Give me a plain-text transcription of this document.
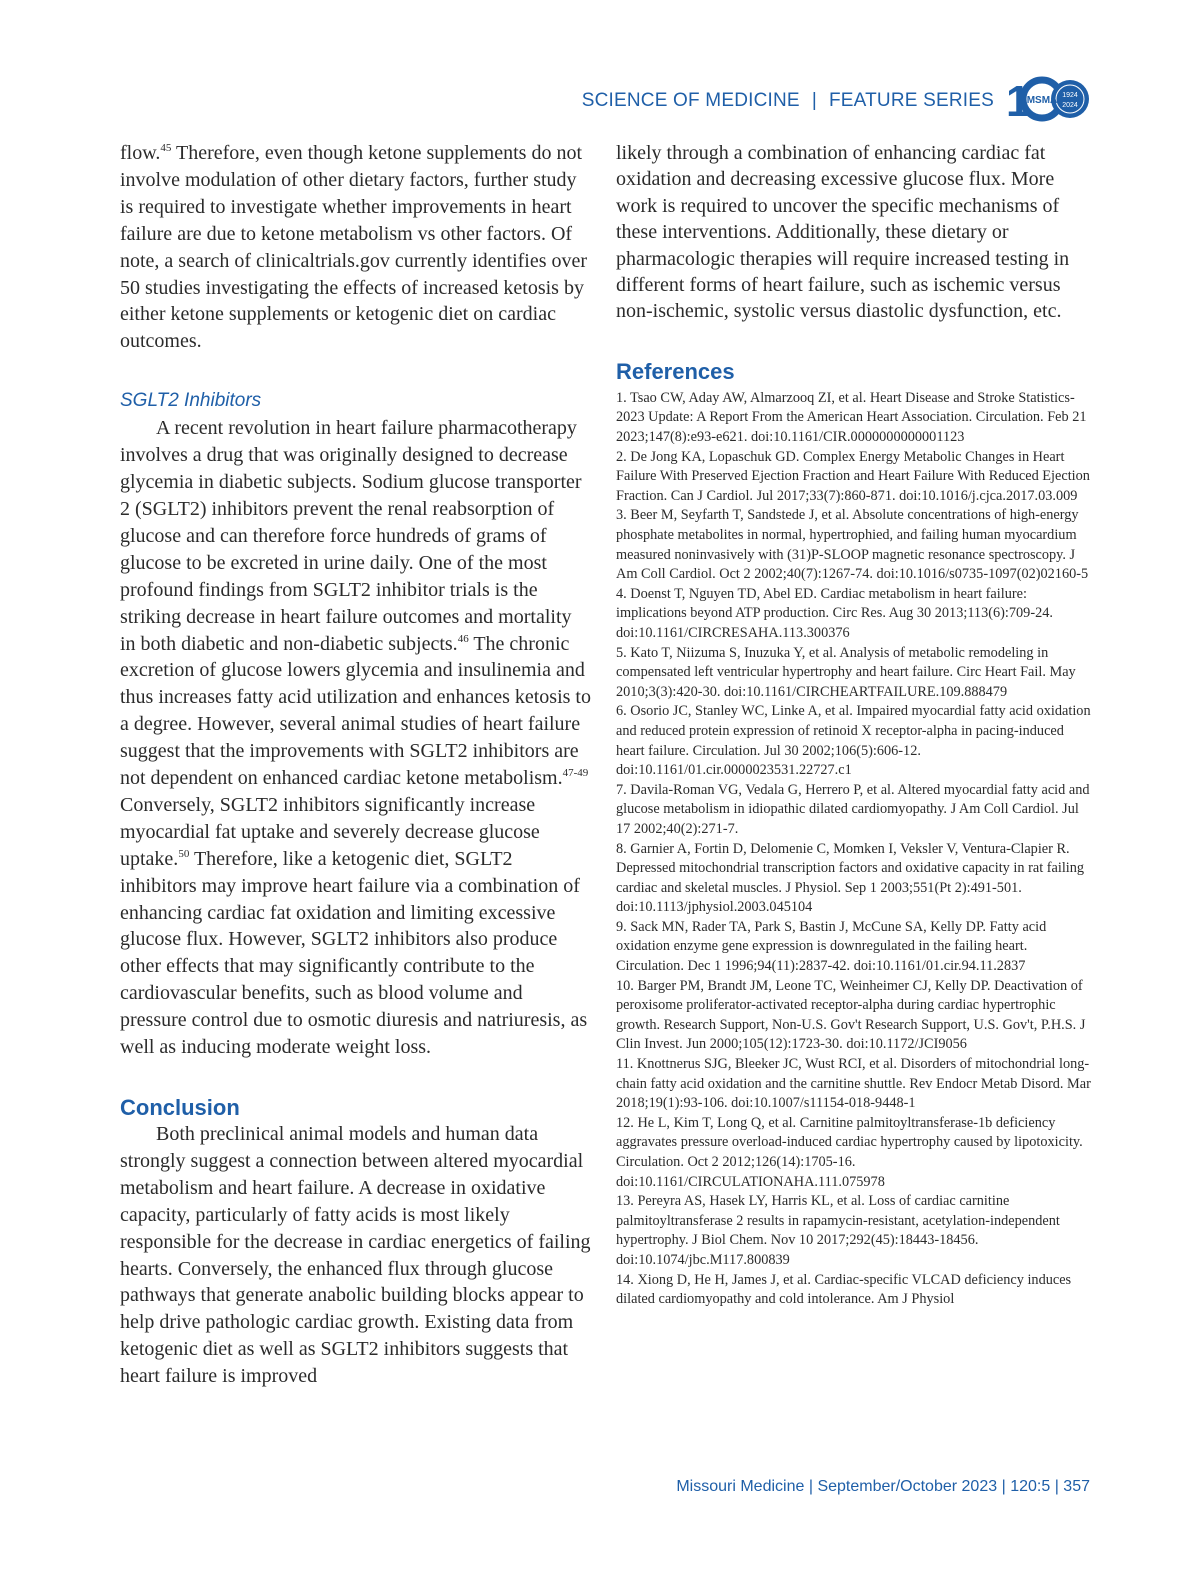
SCIENCE OF MEDICINE | FEATURE SERIES 1
MSMA 1924
2024

flow.$^{45}$ Therefore, even though ketone supplements do not involve modulation of other dietary factors, further study is required to investigate whether improvements in heart failure are due to ketone metabolism vs other factors. Of note, a search of clinicaltrials.gov currently identifies over 50 studies investigating the effects of increased ketosis by either ketone supplements or ketogenic diet on cardiac outcomes.

SGLT2 Inhibitors

A recent revolution in heart failure pharmacotherapy involves a drug that was originally designed to decrease glycemia in diabetic subjects. Sodium glucose transporter 2 (SGLT2) inhibitors prevent the renal reabsorption of glucose and can therefore force hundreds of grams of glucose to be excreted in urine daily. One of the most profound findings from SGLT2 inhibitor trials is the striking decrease in heart failure outcomes and mortality in both diabetic and non-diabetic subjects.$^{46}$ The chronic excretion of glucose lowers glycemia and insulinemia and thus increases fatty acid utilization and enhances ketosis to a degree. However, several animal studies of heart failure suggest that the improvements with SGLT2 inhibitors are not dependent on enhanced cardiac ketone metabolism.$^{47-49}$ Conversely, SGLT2 inhibitors significantly increase myocardial fat uptake and severely decrease glucose uptake.$^{50}$ Therefore, like a ketogenic diet, SGLT2 inhibitors may improve heart failure via a combination of enhancing cardiac fat oxidation and limiting excessive glucose flux. However, SGLT2 inhibitors also produce other effects that may significantly contribute to the cardiovascular benefits, such as blood volume and pressure control due to osmotic diuresis and natriuresis, as well as inducing moderate weight loss.

Conclusion

Both preclinical animal models and human data strongly suggest a connection between altered myocardial metabolism and heart failure. A decrease in oxidative capacity, particularly of fatty acids is most likely responsible for the decrease in cardiac energetics of failing hearts. Conversely, the enhanced flux through glucose pathways that generate anabolic building blocks appear to help drive pathologic cardiac growth. Existing data from ketogenic diet as well as SGLT2 inhibitors suggests that heart failure is improved

likely through a combination of enhancing cardiac fat oxidation and decreasing excessive glucose flux. More work is required to uncover the specific mechanisms of these interventions. Additionally, these dietary or pharmacologic therapies will require increased testing in different forms of heart failure, such as ischemic versus non-ischemic, systolic versus diastolic dysfunction, etc.

References

1. Tsao CW, Aday AW, Almarzooq ZI, et al. Heart Disease and Stroke Statistics-2023 Update: A Report From the American Heart Association. Circulation. Feb 21 2023;147(8):e93-e621. doi:10.1161/CIR.0000000000001123

2. De Jong KA, Lopaschuk GD. Complex Energy Metabolic Changes in Heart Failure With Preserved Ejection Fraction and Heart Failure With Reduced Ejection Fraction. Can J Cardiol. Jul 2017;33(7):860-871. doi:10.1016/j.cjca.2017.03.009

3. Beer M, Seyfarth T, Sandstede J, et al. Absolute concentrations of high-energy phosphate metabolites in normal, hypertrophied, and failing human myocardium measured noninvasively with (31)P-SLOOP magnetic resonance spectroscopy. J Am Coll Cardiol. Oct 2 2002;40(7):1267-74. doi:10.1016/s0735-1097(02)02160-5

4. Doenst T, Nguyen TD, Abel ED. Cardiac metabolism in heart failure: implications beyond ATP production. Circ Res. Aug 30 2013;113(6):709-24. doi:10.1161/CIRCRESAHA.113.300376

5. Kato T, Niizuma S, Inuzuka Y, et al. Analysis of metabolic remodeling in compensated left ventricular hypertrophy and heart failure. Circ Heart Fail. May 2010;3(3):420-30. doi:10.1161/CIRCHEARTFAILURE.109.888479

6. Osorio JC, Stanley WC, Linke A, et al. Impaired myocardial fatty acid oxidation and reduced protein expression of retinoid X receptor-alpha in pacing-induced heart failure. Circulation. Jul 30 2002;106(5):606-12. doi:10.1161/01.cir.0000023531.22727.c1

7. Davila-Roman VG, Vedala G, Herrero P, et al. Altered myocardial fatty acid and glucose metabolism in idiopathic dilated cardiomyopathy. J Am Coll Cardiol. Jul 17 2002;40(2):271-7.

8. Garnier A, Fortin D, Delomenie C, Momken I, Veksler V, Ventura-Clapier R. Depressed mitochondrial transcription factors and oxidative capacity in rat failing cardiac and skeletal muscles. J Physiol. Sep 1 2003;551(Pt 2):491-501. doi:10.1113/jphysiol.2003.045104

9. Sack MN, Rader TA, Park S, Bastin J, McCune SA, Kelly DP. Fatty acid oxidation enzyme gene expression is downregulated in the failing heart. Circulation. Dec 1 1996;94(11):2837-42. doi:10.1161/01.cir.94.11.2837

10. Barger PM, Brandt JM, Leone TC, Weinheimer CJ, Kelly DP. Deactivation of peroxisome proliferator-activated receptor-alpha during cardiac hypertrophic growth. Research Support, Non-U.S. Gov't Research Support, U.S. Gov't, P.H.S. J Clin Invest. Jun 2000;105(12):1723-30. doi:10.1172/JCI9056

11. Knottnerus SJG, Bleeker JC, Wust RCI, et al. Disorders of mitochondrial long-chain fatty acid oxidation and the carnitine shuttle. Rev Endocr Metab Disord. Mar 2018;19(1):93-106. doi:10.1007/s11154-018-9448-1

12. He L, Kim T, Long Q, et al. Carnitine palmitoyltransferase-1b deficiency aggravates pressure overload-induced cardiac hypertrophy caused by lipotoxicity. Circulation. Oct 2 2012;126(14):1705-16. doi:10.1161/CIRCULATIONAHA.111.075978

13. Pereyra AS, Hasek LY, Harris KL, et al. Loss of cardiac carnitine palmitoyltransferase 2 results in rapamycin-resistant, acetylation-independent hypertrophy. J Biol Chem. Nov 10 2017;292(45):18443-18456. doi:10.1074/jbc.M117.800839

14. Xiong D, He H, James J, et al. Cardiac-specific VLCAD deficiency induces dilated cardiomyopathy and cold intolerance. Am J Physiol

Missouri Medicine | September/October 2023 | 120:5 | 357
